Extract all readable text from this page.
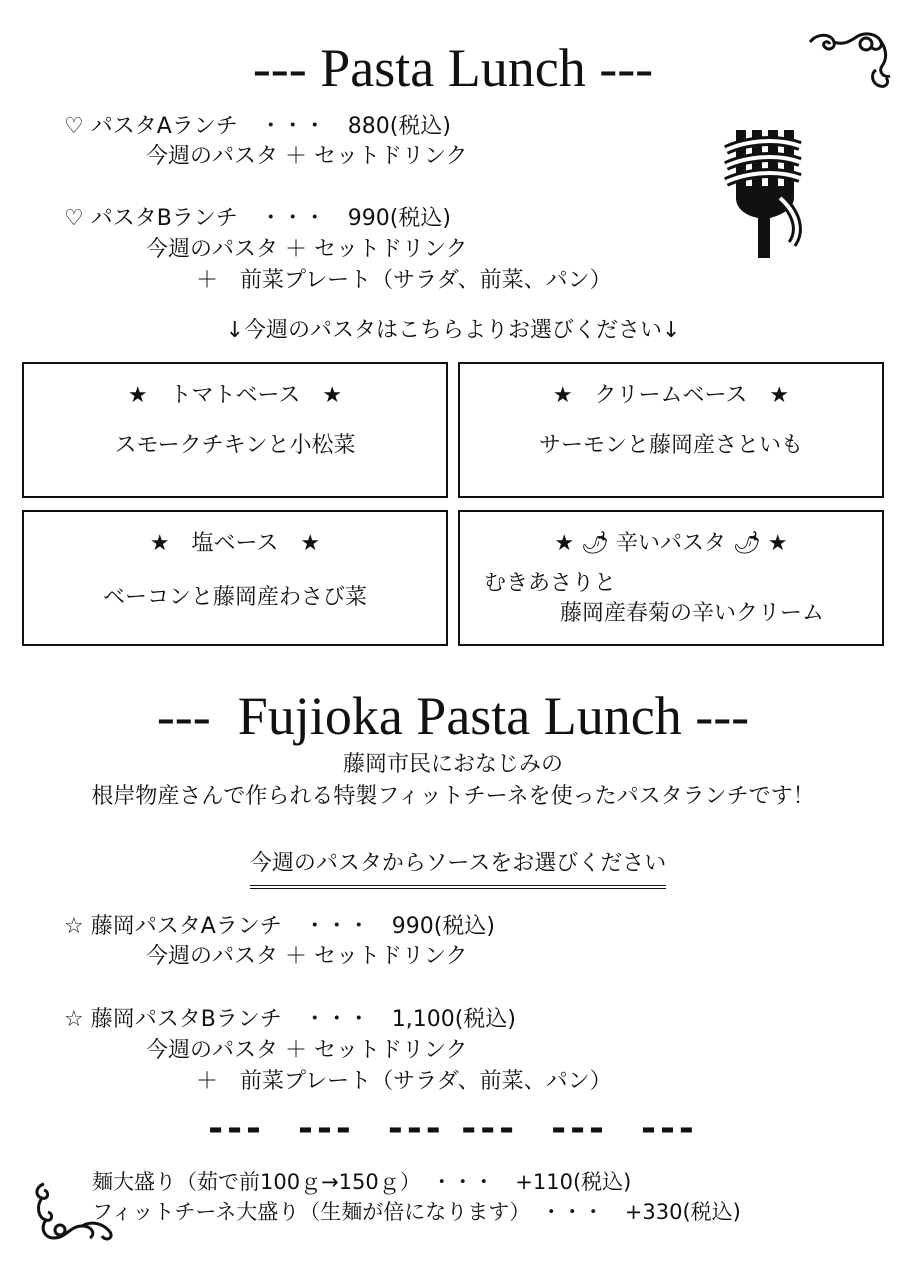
--- Pasta Lunch ---
♡ パスタAランチ　・・・　880(税込)
今週のパスタ ＋ セットドリンク
♡ パスタBランチ　・・・　990(税込)
今週のパスタ ＋ セットドリンク
＋　前菜プレート（サラダ、前菜、パン）
↓今週のパスタはこちらよりお選びください↓
★　トマトベース　★
スモークチキンと小松菜
★　クリームベース　★
サーモンと藤岡産さといも
★　塩ベース　★
ベーコンと藤岡産わさび菜
★ 🌶 辛いパスタ 🌶 ★
むきあさりと
藤岡産春菊の辛いクリーム
---  Fujioka Pasta Lunch ---
藤岡市民におなじみの
根岸物産さんで作られる特製フィットチーネを使ったパスタランチです！

今週のパスタからソースをお選びください

☆ 藤岡パスタAランチ　・・・　990(税込)
今週のパスタ ＋ セットドリンク
☆ 藤岡パスタBランチ　・・・　1,100(税込)
今週のパスタ ＋ セットドリンク
＋　前菜プレート（サラダ、前菜、パン）
---  ---  --- ---  ---  ---
麺大盛り（茹で前100ｇ→150ｇ）　・・・　+110(税込)
フィットチーネ大盛り（生麺が倍になります）　・・・　+330(税込)
